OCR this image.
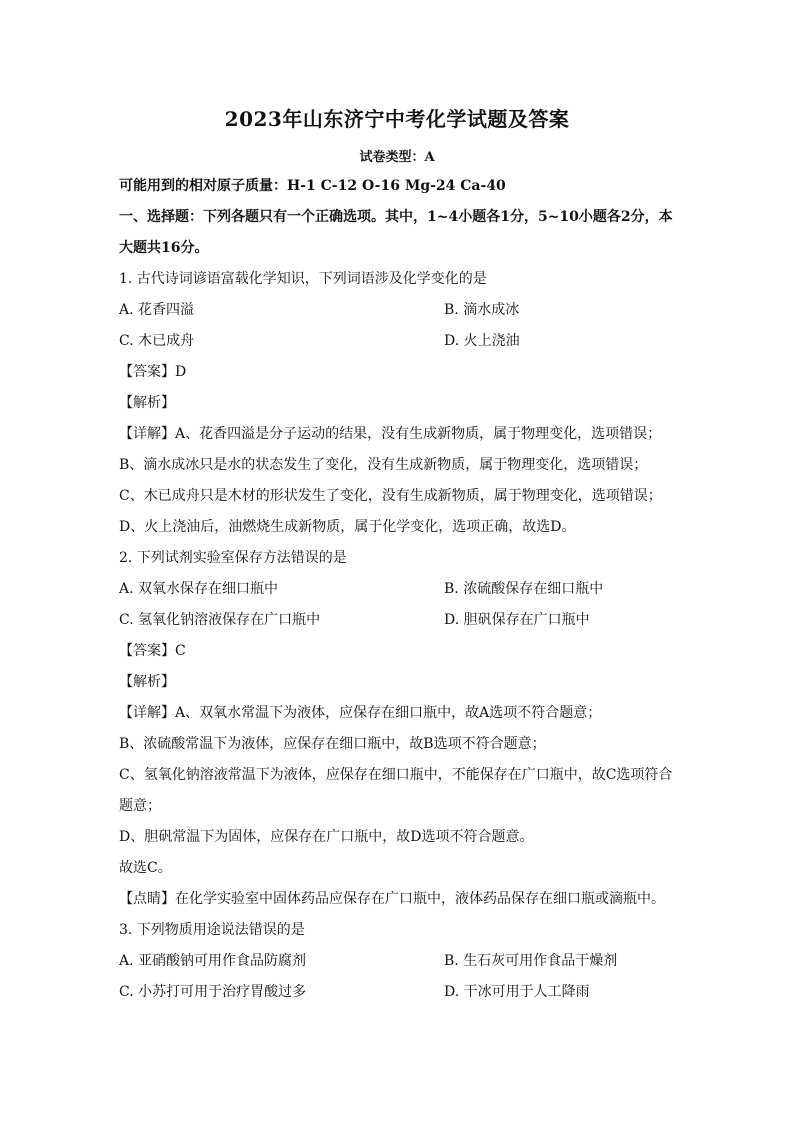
2023年山东济宁中考化学试题及答案
试卷类型：A
可能用到的相对原子质量：H-1 C-12 O-16 Mg-24 Ca-40
一、选择题：下列各题只有一个正确选项。其中，1~4小题各1分，5~10小题各2分，本
大题共16分。
1. 古代诗词谚语富载化学知识，下列词语涉及化学变化的是
A. 花香四溢	B. 滴水成冰
C. 木已成舟	D. 火上浇油
【答案】D
【解析】
【详解】A、花香四溢是分子运动的结果，没有生成新物质，属于物理变化，选项错误；
B、滴水成冰只是水的状态发生了变化，没有生成新物质，属于物理变化，选项错误；
C、木已成舟只是木材的形状发生了变化，没有生成新物质，属于物理变化，选项错误；
D、火上浇油后，油燃烧生成新物质，属于化学变化，选项正确，故选D。
2. 下列试剂实验室保存方法错误的是
A. 双氧水保存在细口瓶中	B. 浓硫酸保存在细口瓶中
C. 氢氧化钠溶液保存在广口瓶中	D. 胆矾保存在广口瓶中
【答案】C
【解析】
【详解】A、双氧水常温下为液体，应保存在细口瓶中，故A选项不符合题意；
B、浓硫酸常温下为液体，应保存在细口瓶中，故B选项不符合题意；
C、氢氧化钠溶液常温下为液体，应保存在细口瓶中，不能保存在广口瓶中，故C选项符合
题意；
D、胆矾常温下为固体，应保存在广口瓶中，故D选项不符合题意。
故选C。
【点睛】在化学实验室中固体药品应保存在广口瓶中，液体药品保存在细口瓶或滴瓶中。
3. 下列物质用途说法错误的是
A. 亚硝酸钠可用作食品防腐剂	B. 生石灰可用作食品干燥剂
C. 小苏打可用于治疗胃酸过多	D. 干冰可用于人工降雨
